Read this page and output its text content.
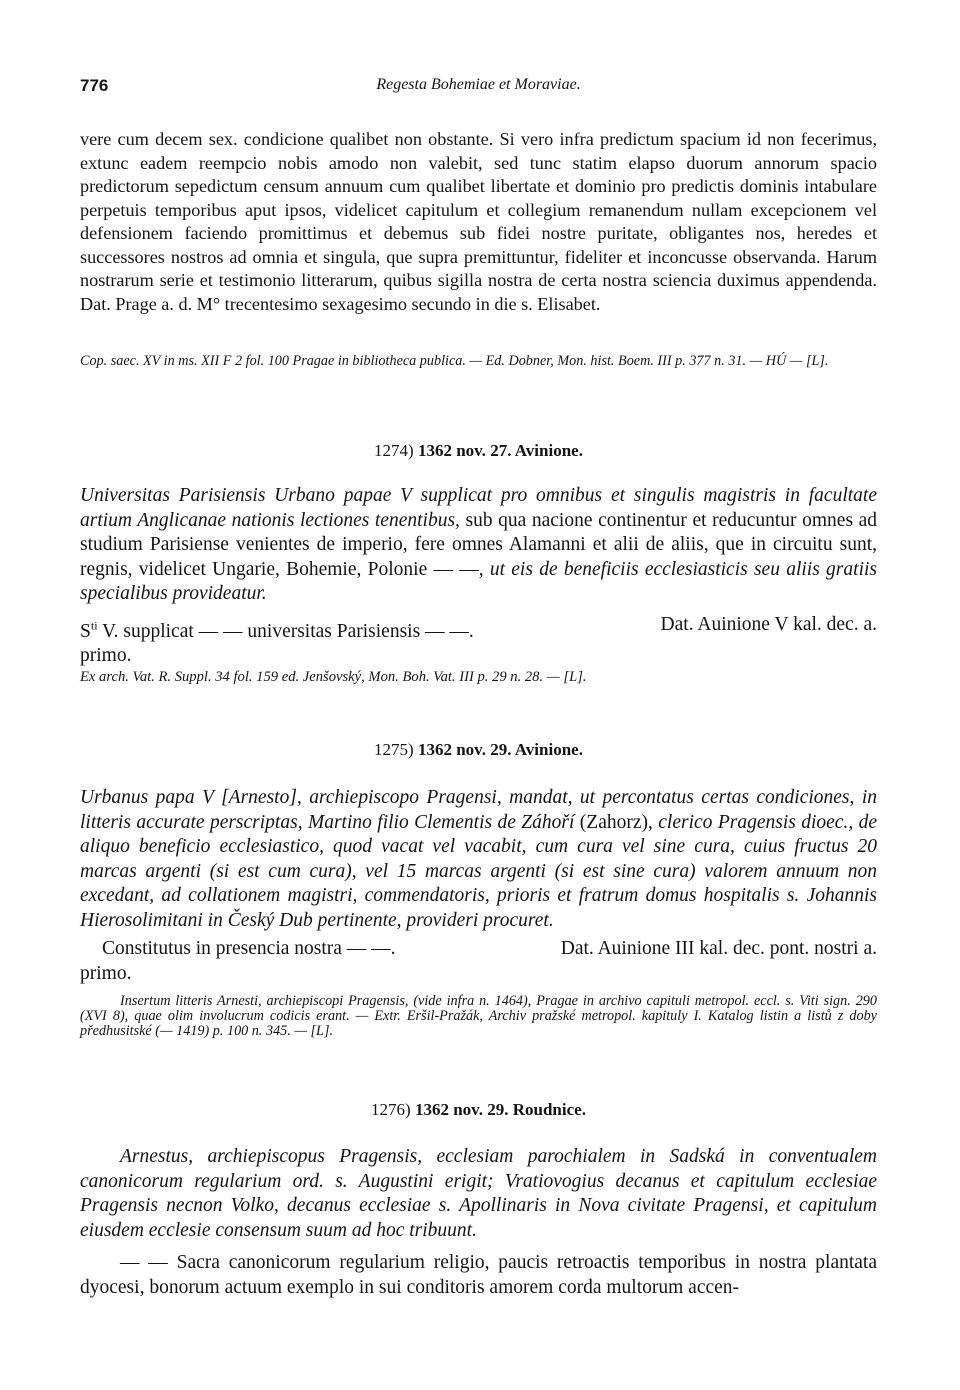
776	Regesta Bohemiae et Moraviae.
vere cum decem sex. condicione qualibet non obstante. Si vero infra predictum spacium id non fecerimus, extunc eadem reempcio nobis amodo non valebit, sed tunc statim elapso duorum annorum spacio predictorum sepedictum censum annuum cum qualibet libertate et dominio pro predictis dominis intabulare perpetuis temporibus aput ipsos, videlicet capitulum et collegium remanendum nullam excepcionem vel defensionem faciendo promittimus et debemus sub fidei nostre puritate, obligantes nos, heredes et successores nostros ad omnia et singula, que supra premittuntur, fideliter et inconcusse observanda. Harum nostrarum serie et testimonio litterarum, quibus sigilla nostra de certa nostra sciencia duximus appendenda. Dat. Prage a. d. M° trecentesimo sexagesimo secundo in die s. Elisabet.
Cop. saec. XV in ms. XII F 2 fol. 100 Pragae in bibliotheca publica. — Ed. Dobner, Mon. hist. Boem. III p. 377 n. 31. — HÚ — [L].
1274) 1362 nov. 27. Avinione.
Universitas Parisiensis Urbano papae V supplicat pro omnibus et singulis magistris in facultate artium Anglicanae nationis lectiones tenentibus, sub qua nacione continentur et reducuntur omnes ad studium Parisiense venientes de imperio, fere omnes Alamanni et alii de aliis, que in circuitu sunt, regnis, videlicet Ungarie, Bohemie, Polonie — —, ut eis de beneficiis ecclesiasticis seu aliis gratiis specialibus provideatur.
$S^{ti}$ V. supplicat — — universitas Parisiensis — —.	Dat. Auinione V kal. dec. a.
primo.
Ex arch. Vat. R. Suppl. 34 fol. 159 ed. Jenšovský, Mon. Boh. Vat. III p. 29 n. 28. — [L].
1275) 1362 nov. 29. Avinione.
Urbanus papa V [Arnesto], archiepiscopo Pragensi, mandat, ut percontatus certas condiciones, in litteris accurate perscriptas, Martino filio Clementis de Záhoří (Zahorz), clerico Pragensis dioec., de aliquo beneficio ecclesiastico, quod vacat vel vacabit, cum cura vel sine cura, cuius fructus 20 marcas argenti (si est cum cura), vel 15 marcas argenti (si est sine cura) valorem annuum non excedant, ad collationem magistri, commendatoris, prioris et fratrum domus hospitalis s. Johannis Hierosolimitani in Český Dub pertinente, provideri procuret.
Constitutus in presencia nostra — —.	Dat. Auinione III kal. dec. pont. nostri a.
primo.
Insertum litteris Arnesti, archiepiscopi Pragensis, (vide infra n. 1464), Pragae in archivo capituli metropol. eccl. s. Viti sign. 290 (XVI 8), quae olim involucrum codicis erant. — Extr. Eršil-Pražák, Archiv pražské metropol. kapituly I. Katalog listin a listů z doby předhusitské (— 1419) p. 100 n. 345. — [L].
1276) 1362 nov. 29. Roudnice.
Arnestus, archiepiscopus Pragensis, ecclesiam parochialem in Sadská in conventualem canonicorum regularium ord. s. Augustini erigit; Vratiovogius decanus et capitulum ecclesiae Pragensis necnon Volko, decanus ecclesiae s. Apollinaris in Nova civitate Pragensi, et capitulum eiusdem ecclesie consensum suum ad hoc tribuunt.
— — Sacra canonicorum regularium religio, paucis retroactis temporibus in nostra plantata dyocesi, bonorum actuum exemplo in sui conditoris amorem corda multorum accen-
